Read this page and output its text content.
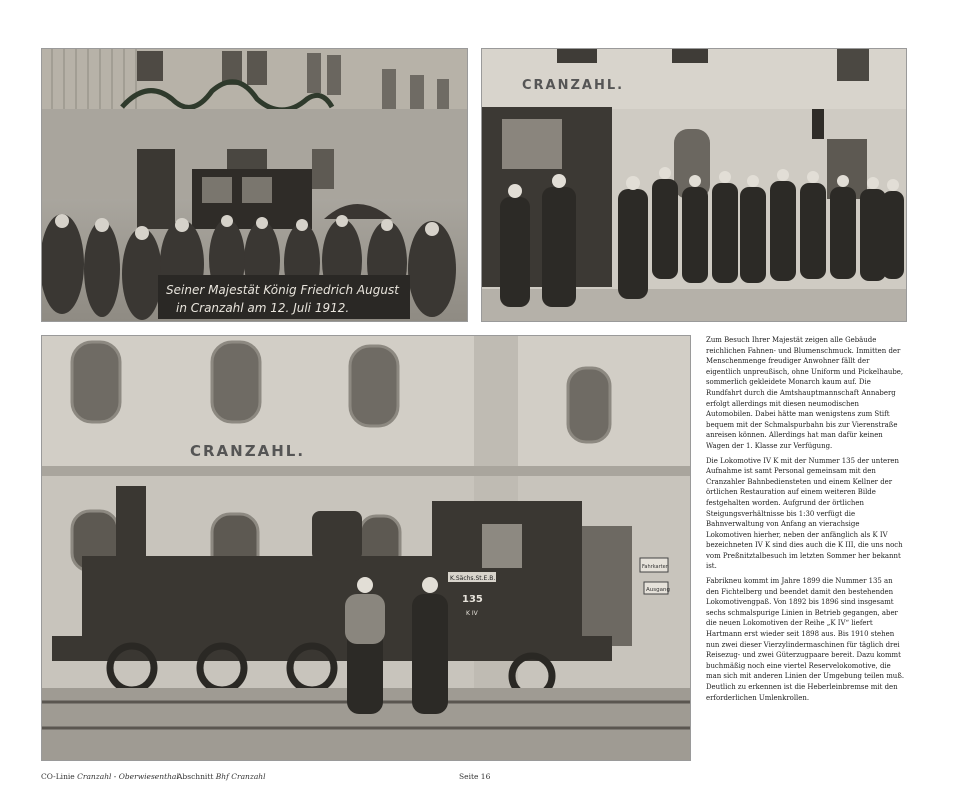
Seiner Majestät König Friedrich August
in Cranzahl am 12. Juli 1912.
CRANZAHL.
CRANZAHL.
Fahrkarten
Ausgang
K.Sächs.St.E.B.
135
K IV

Zum Besuch Ihrer Majestät zeigen alle Gebäude reichlichen Fahnen- und Blumenschmuck. Inmitten der Menschenmenge freudiger Anwohner fällt der eigentlich unpreußisch, ohne Uniform und Pickelhaube, sommerlich gekleidete Monarch kaum auf. Die Rundfahrt durch die Amtshauptmannschaft Annaberg erfolgt allerdings mit diesen neumodischen Automobilen. Dabei hätte man wenigstens zum Stift bequem mit der Schmalspurbahn bis zur Vierenstraße anreisen können. Allerdings hat man dafür keinen Wagen der 1. Klasse zur Verfügung.

Die Lokomotive IV K mit der Nummer 135 der unteren Aufnahme ist samt Personal gemeinsam mit den Cranzahler Bahnbediensteten und einem Kellner der örtlichen Restauration auf einem weiteren Bilde festgehalten worden. Aufgrund der örtlichen Steigungsverhältnisse bis 1:30 verfügt die Bahnverwaltung von Anfang an vierachsige Lokomotiven hierher, neben der anfänglich als K IV bezeichneten IV K sind dies auch die K III, die uns noch vom Preßnitztalbesuch im letzten Sommer her bekannt ist.

Fabrikneu kommt im Jahre 1899 die Nummer 135 an den Fichtelberg und beendet damit den bestehenden Lokomotivengpaß. Von 1892 bis 1896 sind insgesamt sechs schmalspurige Linien in Betrieb gegangen, aber die neuen Lokomotiven der Reihe „K IV“ liefert Hartmann erst wieder seit 1898 aus. Bis 1910 stehen nun zwei dieser Vierzylindermaschinen für täglich drei Reisezug- und zwei Güterzugpaare bereit. Dazu kommt buchmäßig noch eine viertel Reservelokomotive, die man sich mit anderen Linien der Umgebung teilen muß. Deutlich zu erkennen ist die Heberleinbremse mit den erforderlichen Umlenkrollen.

CO-Linie Cranzahl - Oberwiesenthal
Abschnitt Bhf Cranzahl	Seite 16
